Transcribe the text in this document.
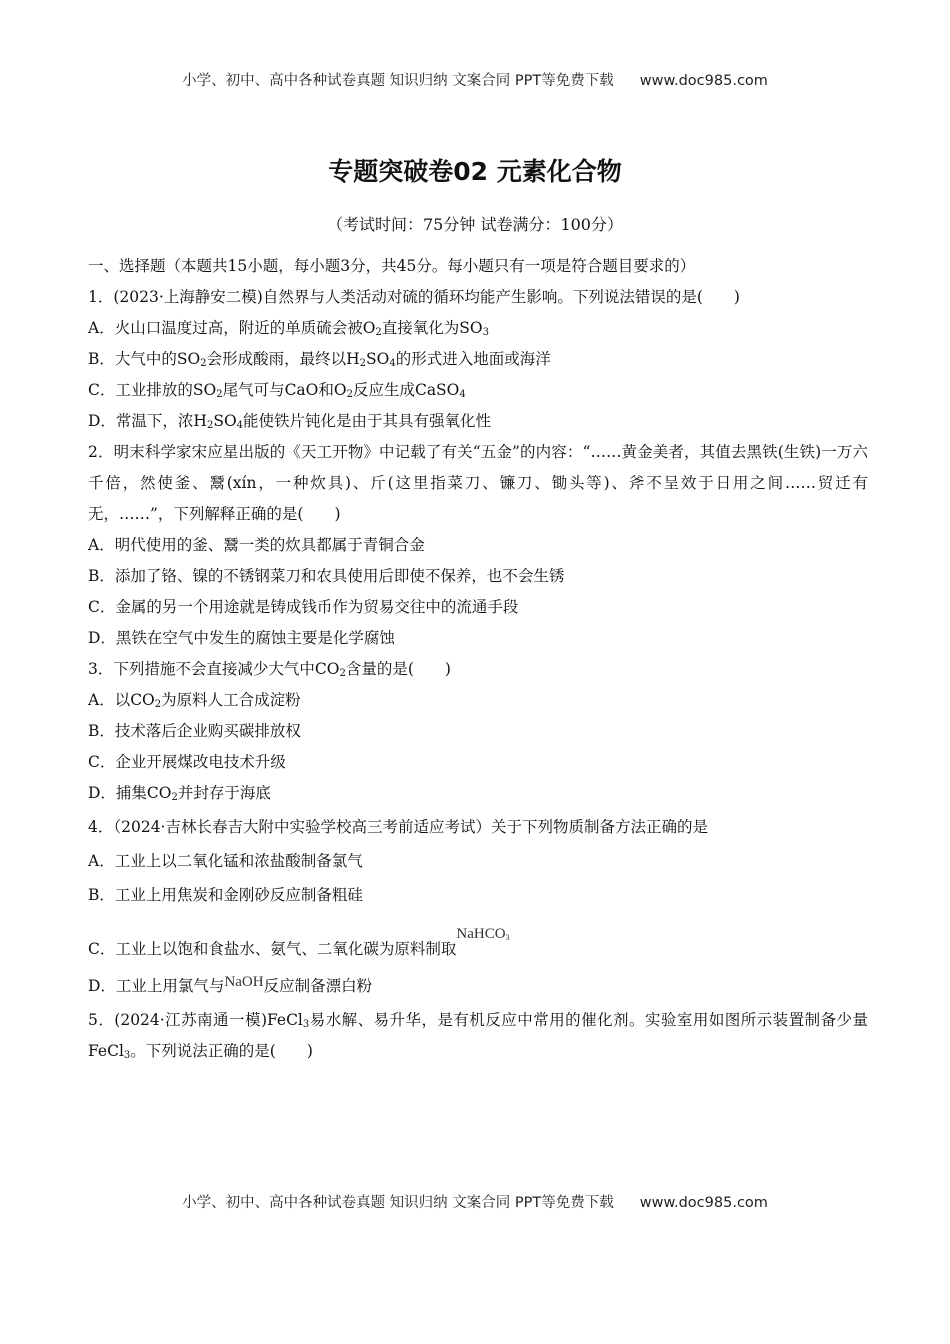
小学、初中、高中各种试卷真题 知识归纳 文案合同 PPT等免费下载 www.doc985.com
专题突破卷02 元素化合物
（考试时间：75分钟 试卷满分：100分）
一、选择题（本题共15小题，每小题3分，共45分。每小题只有一项是符合题目要求的）
1．(2023·上海静安二模)自然界与人类活动对硫的循环均能产生影响。下列说法错误的是(　　)
A．火山口温度过高，附近的单质硫会被$O_2$直接氧化为$SO_3$
B．大气中的$SO_2$会形成酸雨，最终以$H_2SO_4$的形式进入地面或海洋
C．工业排放的$SO_2$尾气可与CaO和$O_2$反应生成CaSO$_4$
D．常温下，浓$H_2SO_4$能使铁片钝化是由于其具有强氧化性
2．明末科学家宋应星出版的《天工开物》中记载了有关“五金”的内容：“……黄金美者，其值去黑铁(生铁)一万六千倍，然使釜、鬵(xín，一种炊具)、斤(这里指菜刀、镰刀、锄头等)、斧不呈效于日用之间……贸迁有无，……”，下列解释正确的是(　　)
A．明代使用的釜、鬵一类的炊具都属于青铜合金
B．添加了铬、镍的不锈钢菜刀和农具使用后即使不保养，也不会生锈
C．金属的另一个用途就是铸成钱币作为贸易交往中的流通手段
D．黑铁在空气中发生的腐蚀主要是化学腐蚀
3．下列措施不会直接减少大气中$CO_2$含量的是(　　)
A．以$CO_2$为原料人工合成淀粉
B．技术落后企业购买碳排放权
C．企业开展煤改电技术升级
D．捕集$CO_2$并封存于海底
4．（2024·吉林长春吉大附中实验学校高三考前适应考试）关于下列物质制备方法正确的是
A．工业上以二氧化锰和浓盐酸制备氯气
B．工业上用焦炭和金刚砂反应制备粗硅
C．工业上以饱和食盐水、氨气、二氧化碳为原料制取NaHCO$_3$
D．工业上用氯气与NaOH反应制备漂白粉
5．(2024·江苏南通一模)FeCl$_3$易水解、易升华，是有机反应中常用的催化剂。实验室用如图所示装置制备少量FeCl$_3$。下列说法正确的是(　　)
小学、初中、高中各种试卷真题 知识归纳 文案合同 PPT等免费下载 www.doc985.com
